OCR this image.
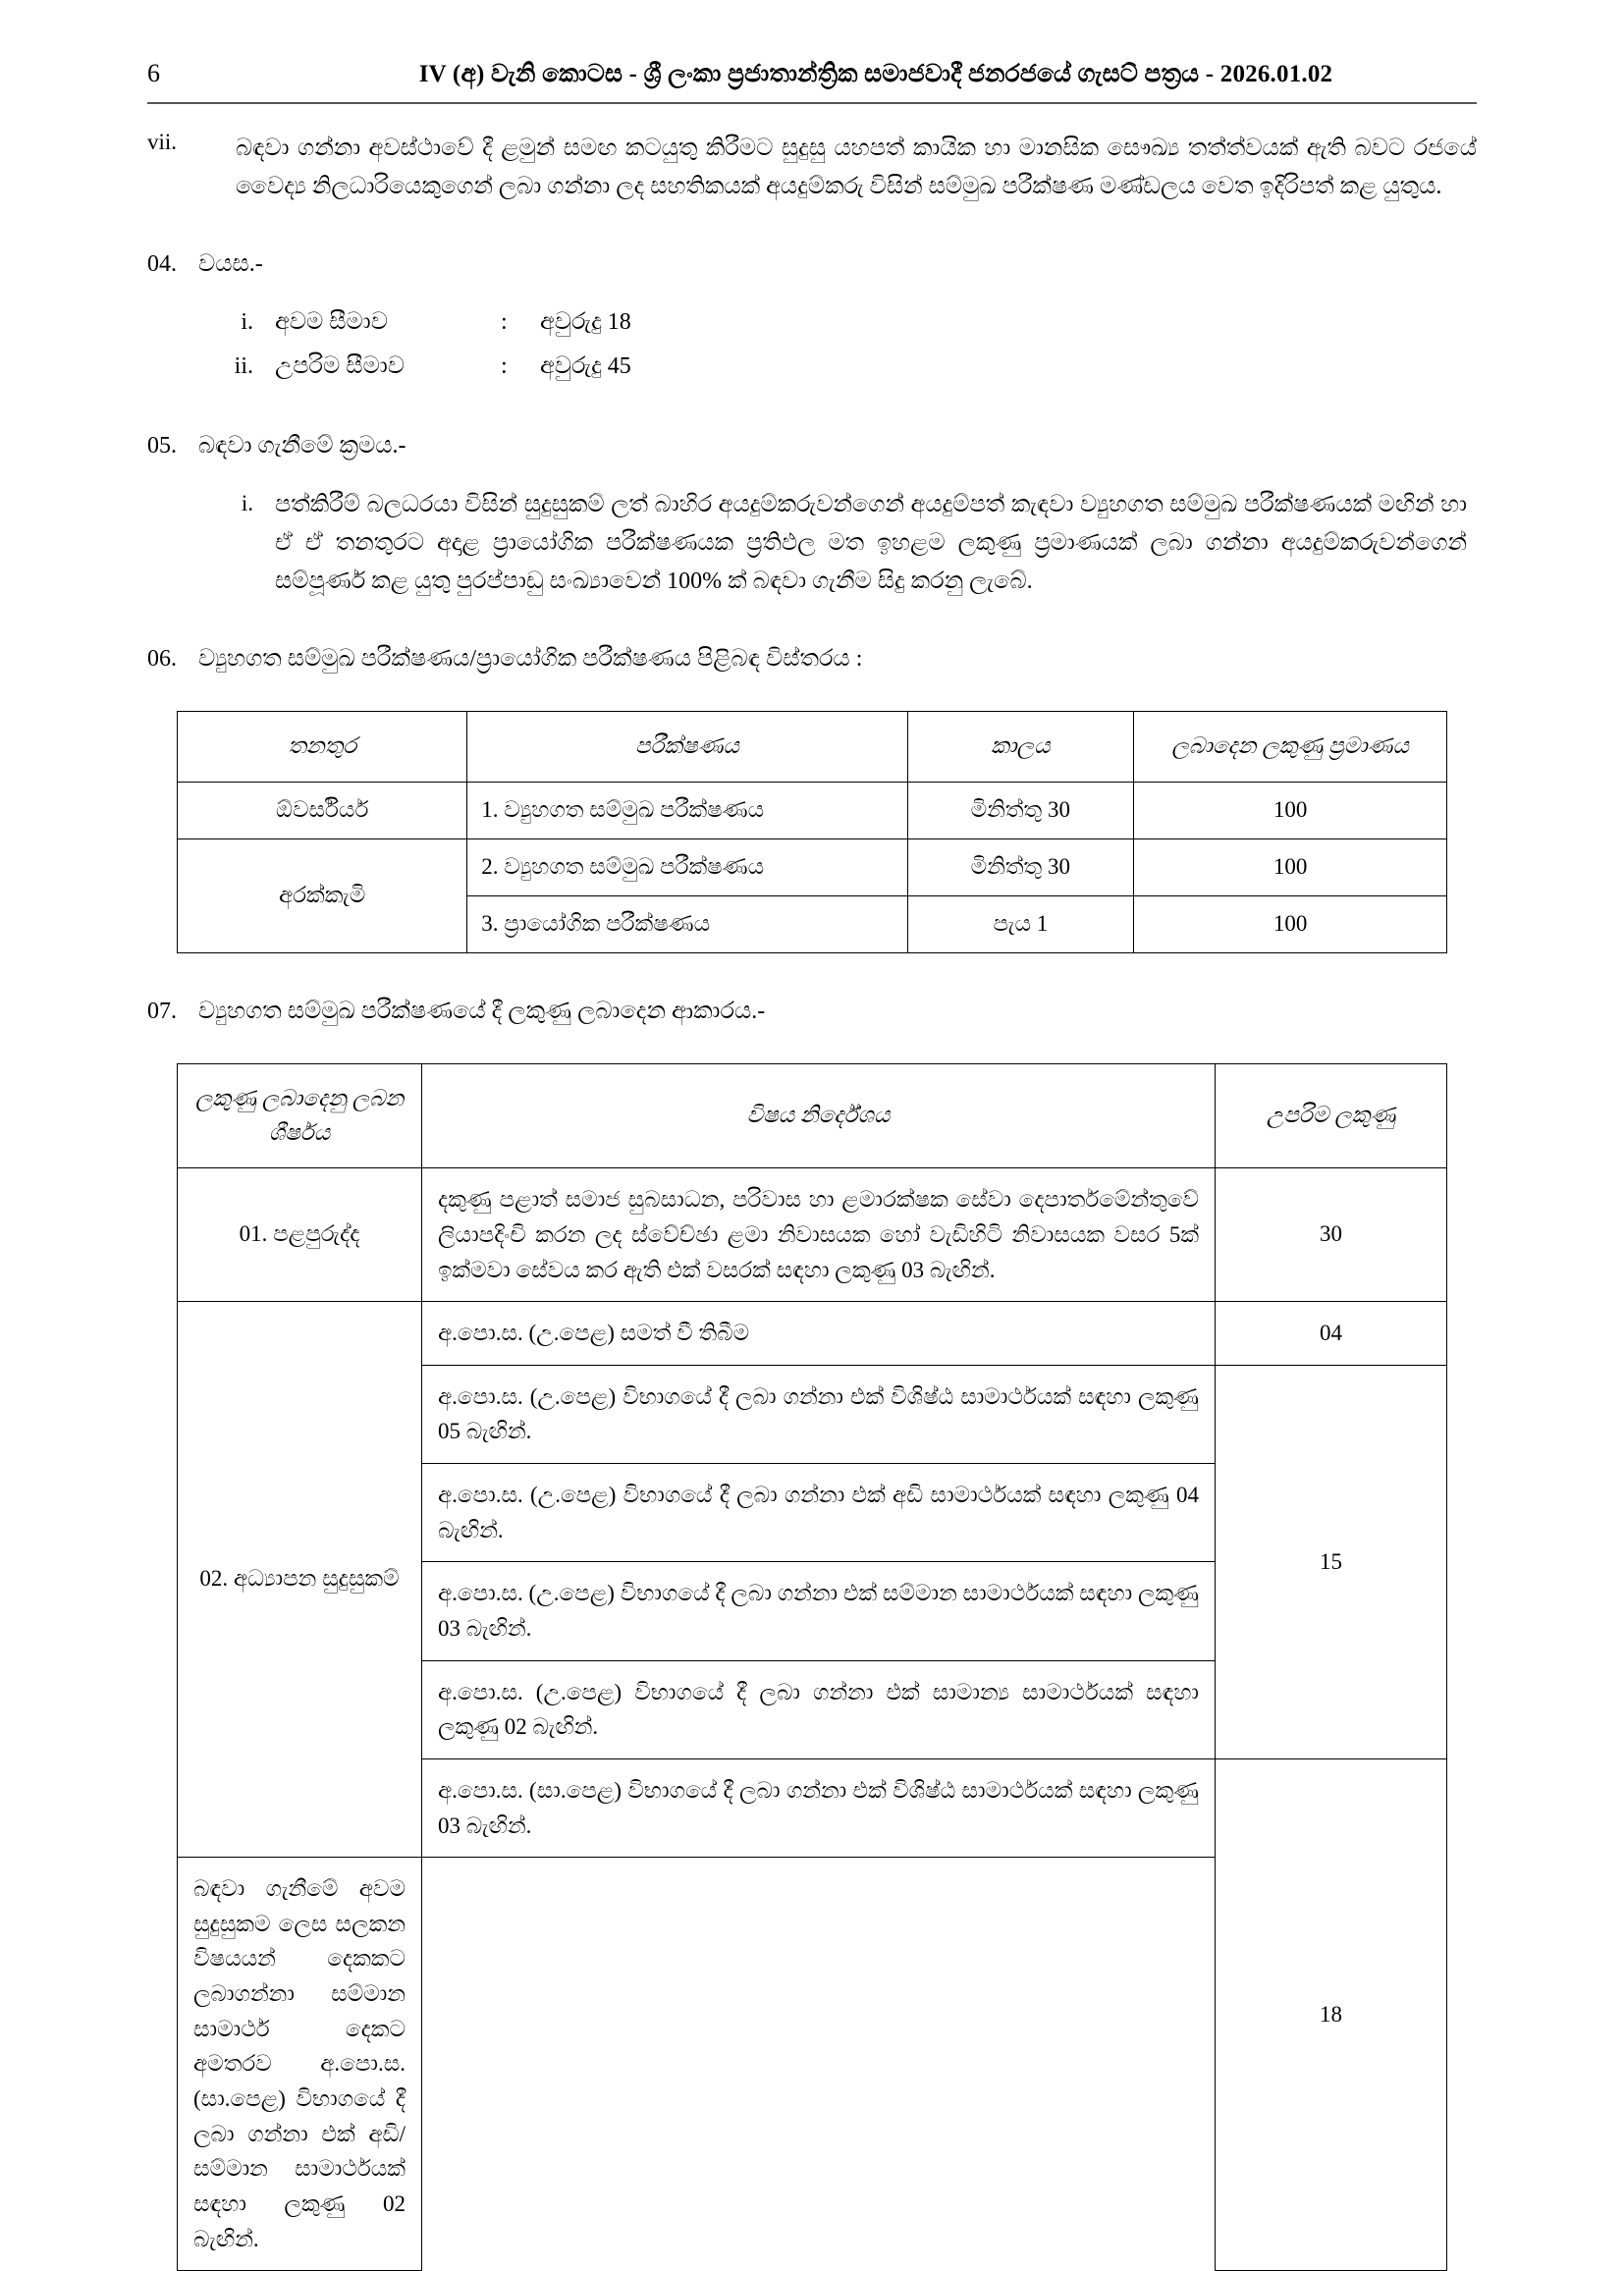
6	IV (අ) වැනි කොටස - ශ්‍රී ලංකා ප්‍රජාතාන්ත්‍රික සමාජවාදී ජනරජයේ ගැසට් පත්‍රය - 2026.01.02
vii.	බඳවා ගන්නා අවස්ථාවේ දී ළමුන් සමඟ කටයුතු කිරීමට සුදුසු යහපත් කායික හා මානසික සෞඛ්‍ය තත්ත්වයක් ඇති බවට රජයේ වෛද්‍ය නිලධාරියෙකුගෙන් ලබා ගන්නා ලද සහතිකයක් අයදුම්කරු විසින් සම්මුඛ පරීක්ෂණ මණ්ඩලය වෙත ඉදිරිපත් කළ යුතුය.
04. වයස.-
i. අවම සීමාව	:	අවුරුදු 18
ii. උපරිම සීමාව	:	අවුරුදු 45
05. බඳවා ගැනීමේ ක්‍රමය.-
i. පත්කිරීම් බලධරයා විසින් සුදුසුකම් ලත් බාහිර අයදුම්කරුවන්ගෙන් අයදුම්පත් කැඳවා ව්‍යුහගත සම්මුඛ පරීක්ෂණයක් මඟින් හා ඒ ඒ තනතුරට අදාළ ප්‍රායෝගික පරීක්ෂණයක ප්‍රතිඵල මත ඉහළම ලකුණු ප්‍රමාණයක් ලබා ගන්නා අයදුම්කරුවන්ගෙන් සම්පූර්ණ කළ යුතු පුරප්පාඩු සංඛ්‍යාවෙන් 100% ක් බඳවා ගැනීම සිදු කරනු ලැබේ.
06. ව්‍යුහගත සම්මුඛ පරීක්ෂණය/ප්‍රායෝගික පරීක්ෂණය පිළිබඳ විස්තරය :
තනතුර	පරීක්ෂණය	කාලය	ලබාදෙන ලකුණු ප්‍රමාණය
ඕවර්සියර්	1. ව්‍යුහගත සම්මුඛ පරීක්ෂණය	මිනිත්තු 30	100
අරක්කැමි	2. ව්‍යුහගත සම්මුඛ පරීක්ෂණය	මිනිත්තු 30	100
	3. ප්‍රායෝගික පරීක්ෂණය	පැය 1	100
07. ව්‍යුහගත සම්මුඛ පරීක්ෂණයේ දී ලකුණු ලබාදෙන ආකාරය.-
ලකුණු ලබාදෙනු ලබන ශීර්ෂය	විෂය නිර්දේශය	උපරිම ලකුණු
01. පළපුරුද්ද	දකුණු පළාත් සමාජ සුබසාධන, පරිවාස හා ළමාරක්ෂක සේවා දෙපාර්තමේන්තුවේ ලියාපදිංචි කරන ලද ස්වේච්ඡා ළමා නිවාසයක හෝ වැඩිහිටි නිවාසයක වසර 5ක් ඉක්මවා සේවය කර ඇති එක් වසරක් සඳහා ලකුණු 03 බැඟින්.	30
02. අධ්‍යාපන සුදුසුකම්	අ.පො.ස. (උ.පෙළ) සමත් වී තිබීම	04
	අ.පො.ස. (උ.පෙළ) විභාගයේ දී ලබා ගන්නා එක් විශිෂ්ඨ සාමාර්ථයක් සඳහා ලකුණු 05 බැඟින්.	15
	අ.පො.ස. (උ.පෙළ) විභාගයේ දී ලබා ගන්නා එක් අඩි සාමාර්ථයක් සඳහා ලකුණු 04 බැඟින්.	
	අ.පො.ස. (උ.පෙළ) විභාගයේ දී ලබා ගන්නා එක් සම්මාන සාමාර්ථයක් සඳහා ලකුණු 03 බැඟින්.	
	අ.පො.ස. (උ.පෙළ) විභාගයේ දී ලබා ගන්නා එක් සාමාන්‍ය සාමාර්ථයක් සඳහා ලකුණු 02 බැඟින්.	
	අ.පො.ස. (සා.පෙළ) විභාගයේ දී ලබා ගන්නා එක් විශිෂ්ඨ සාමාර්ථයක් සඳහා ලකුණු 03 බැඟින්.	18
බඳවා ගැනීමේ අවම සුදුසුකම ලෙස සලකන විෂයයන් දෙකකට ලබාගන්නා සම්මාන සාමාර්ථ දෙකට අමතරව අ.පො.ස. (සා.පෙළ) විභාගයේ දී ලබා ගන්නා එක් අඩි/සම්මාන සාමාර්ථයක් සඳහා ලකුණු 02 බැඟින්.		
